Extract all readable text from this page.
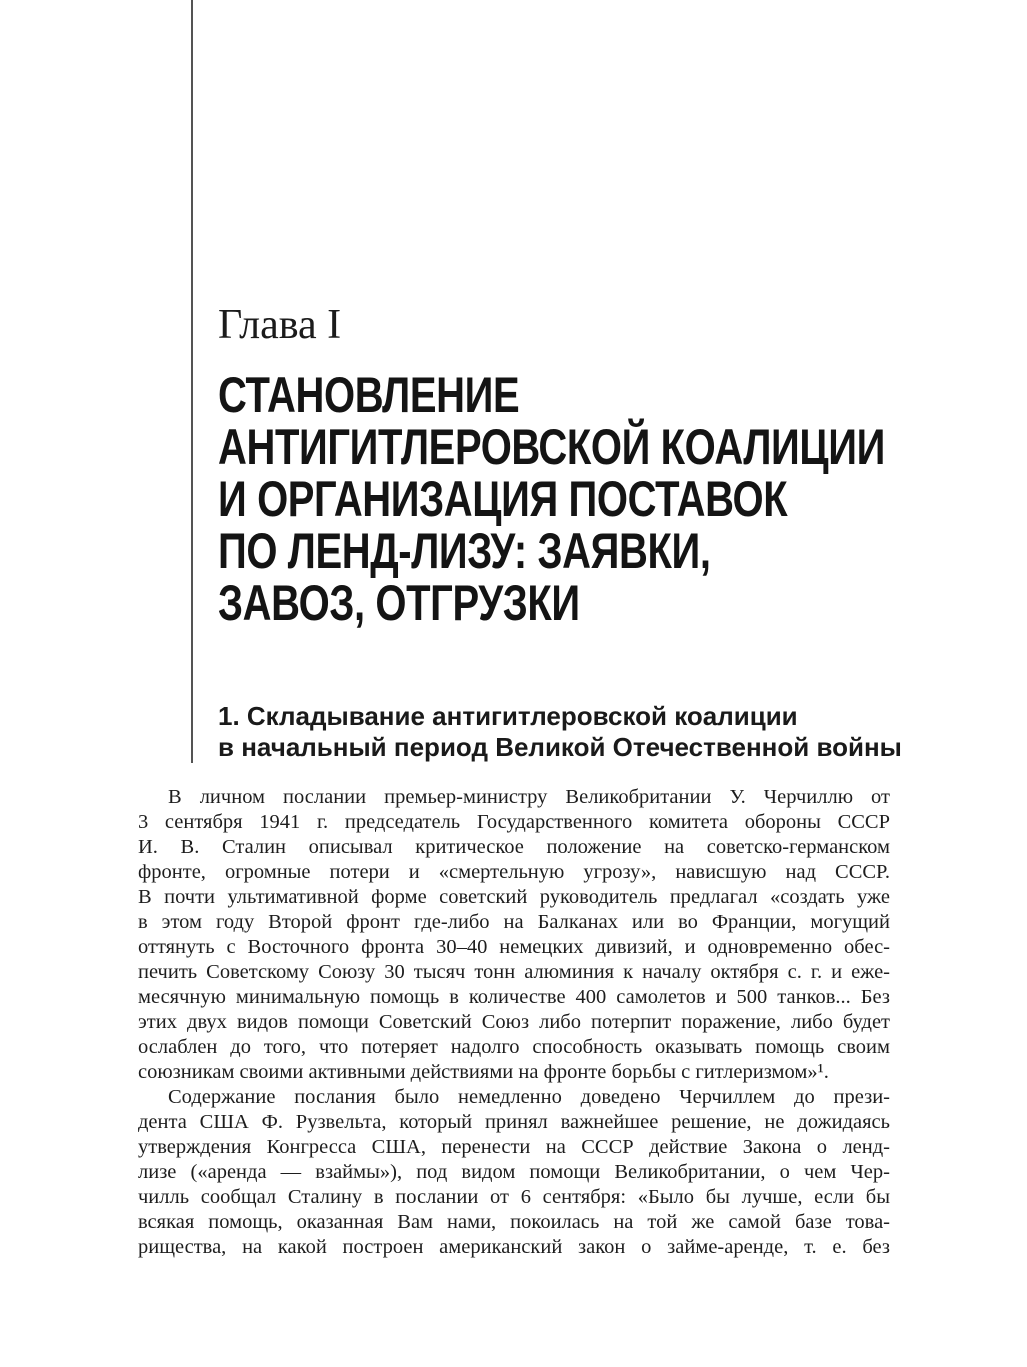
Глава I
СТАНОВЛЕНИЕ
АНТИГИТЛЕРОВСКОЙ КОАЛИЦИИ
И ОРГАНИЗАЦИЯ ПОСТАВОК
ПО ЛЕНД-ЛИЗУ: ЗАЯВКИ,
ЗАВОЗ, ОТГРУЗКИ
1. Складывание антигитлеровской коалиции
в начальный период Великой Отечественной войны

В личном послании премьер-министру Великобритании У. Черчиллю от
3 сентября 1941 г. председатель Государственного комитета обороны СССР
И. В. Сталин описывал критическое положение на советско-германском
фронте, огромные потери и «смертельную угрозу», нависшую над СССР.
В почти ультимативной форме советский руководитель предлагал «создать уже
в этом году Второй фронт где-либо на Балканах или во Франции, могущий
оттянуть с Восточного фронта 30–40 немецких дивизий, и одновременно обес-
печить Советскому Союзу 30 тысяч тонн алюминия к началу октября с. г. и еже-
месячную минимальную помощь в количестве 400 самолетов и 500 танков... Без
этих двух видов помощи Советский Союз либо потерпит поражение, либо будет
ослаблен до того, что потеряет надолго способность оказывать помощь своим
союзникам своими активными действиями на фронте борьбы с гитлеризмом»¹.

Содержание послания было немедленно доведено Черчиллем до прези-
дента США Ф. Рузвельта, который принял важнейшее решение, не дожидаясь
утверждения Конгресса США, перенести на СССР действие Закона о ленд-
лизе («аренда — взаймы»), под видом помощи Великобритании, о чем Чер-
чилль сообщал Сталину в послании от 6 сентября: «Было бы лучше, если бы
всякая помощь, оказанная Вам нами, покоилась на той же самой базе това-
рищества, на какой построен американский закон о займе-аренде, т. е. без
